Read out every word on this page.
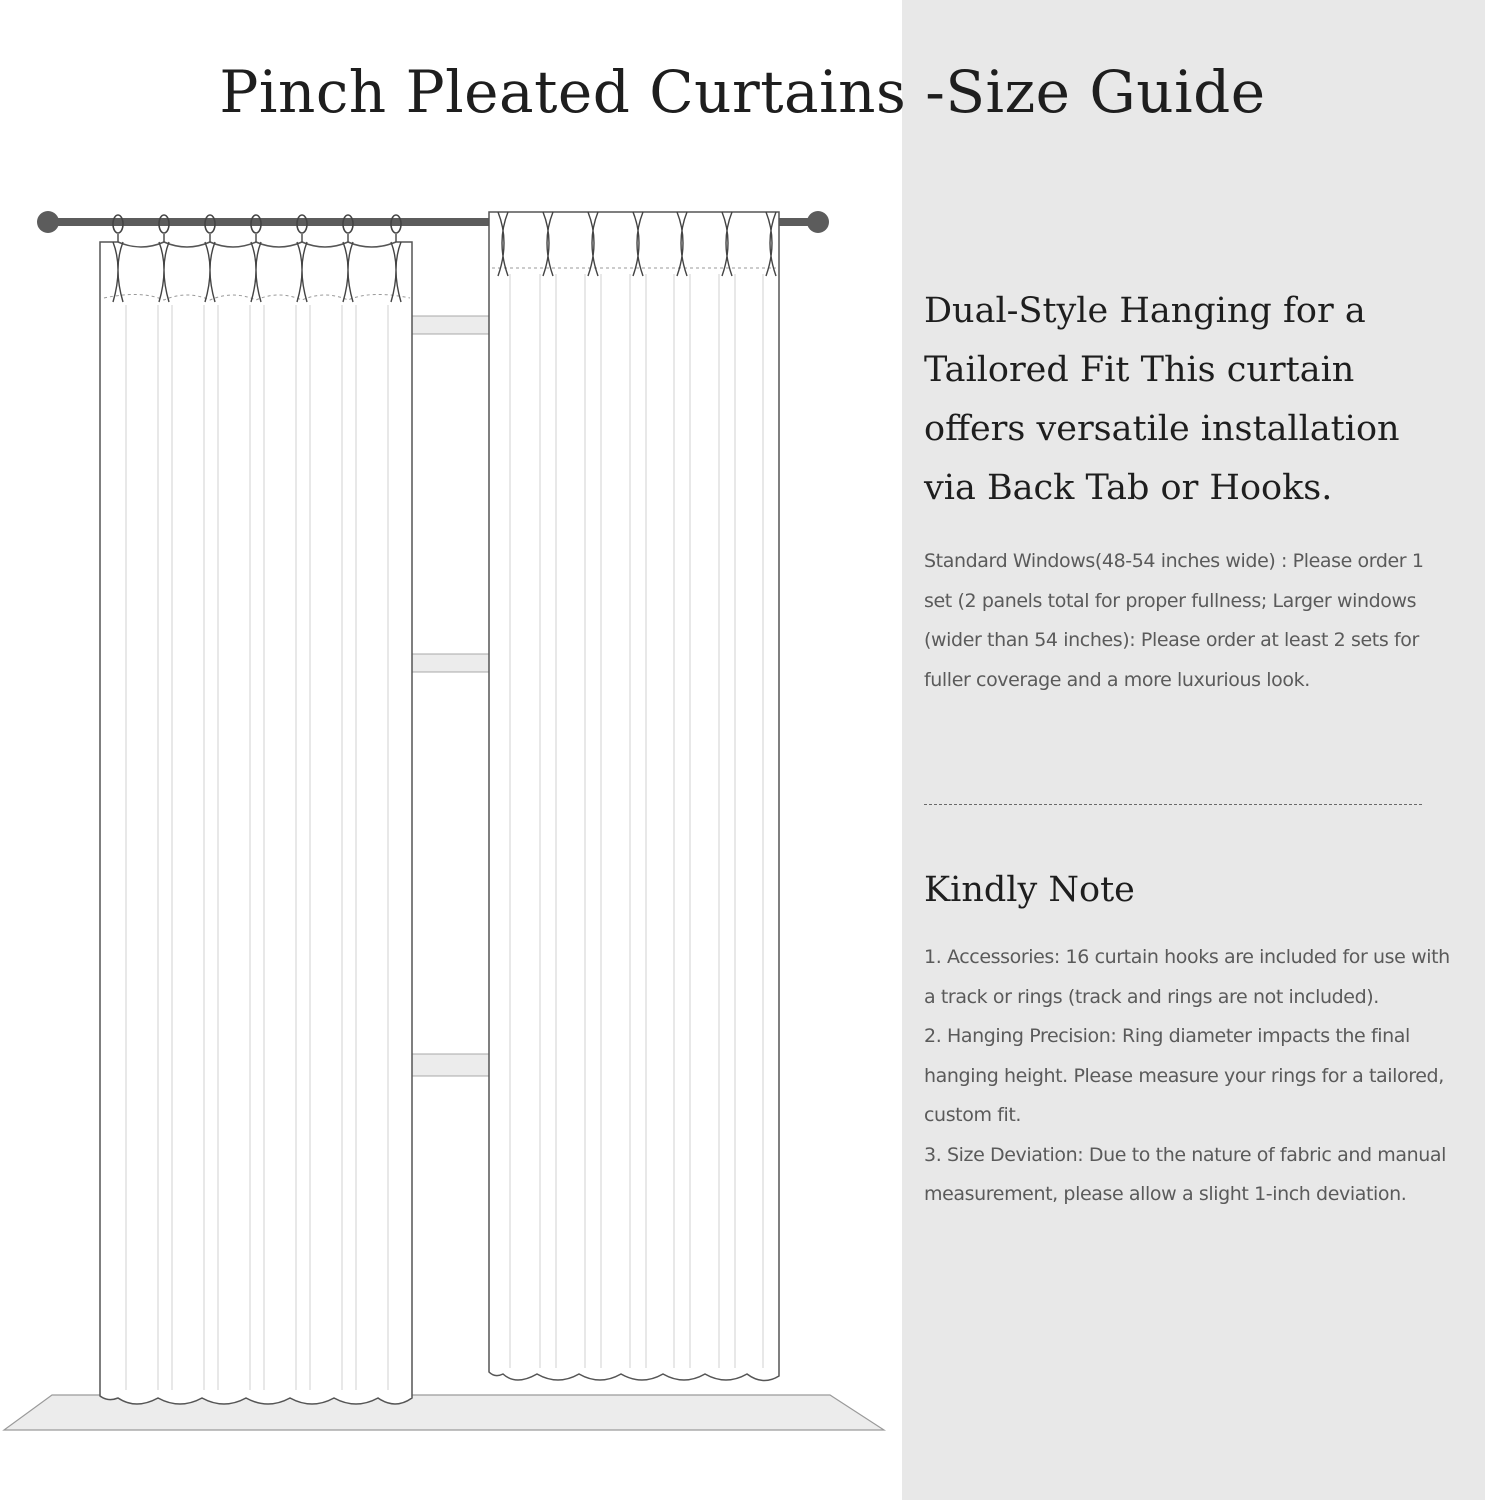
Pinch Pleated Curtains -Size Guide

Dual-Style Hanging for a Tailored Fit This curtain offers versatile installation via Back Tab or Hooks.

Standard Windows(48-54 inches wide) : Please order 1 set (2 panels total for proper fullness; Larger windows (wider than 54 inches): Please order at least 2 sets for fuller coverage and a more luxurious look.

Kindly Note
1. Accessories: 16 curtain hooks are included for use with a track or rings (track and rings are not included).
2. Hanging Precision: Ring diameter impacts the final hanging height. Please measure your rings for a tailored, custom fit.
3. Size Deviation: Due to the nature of fabric and manual measurement, please allow a slight 1-inch deviation.
